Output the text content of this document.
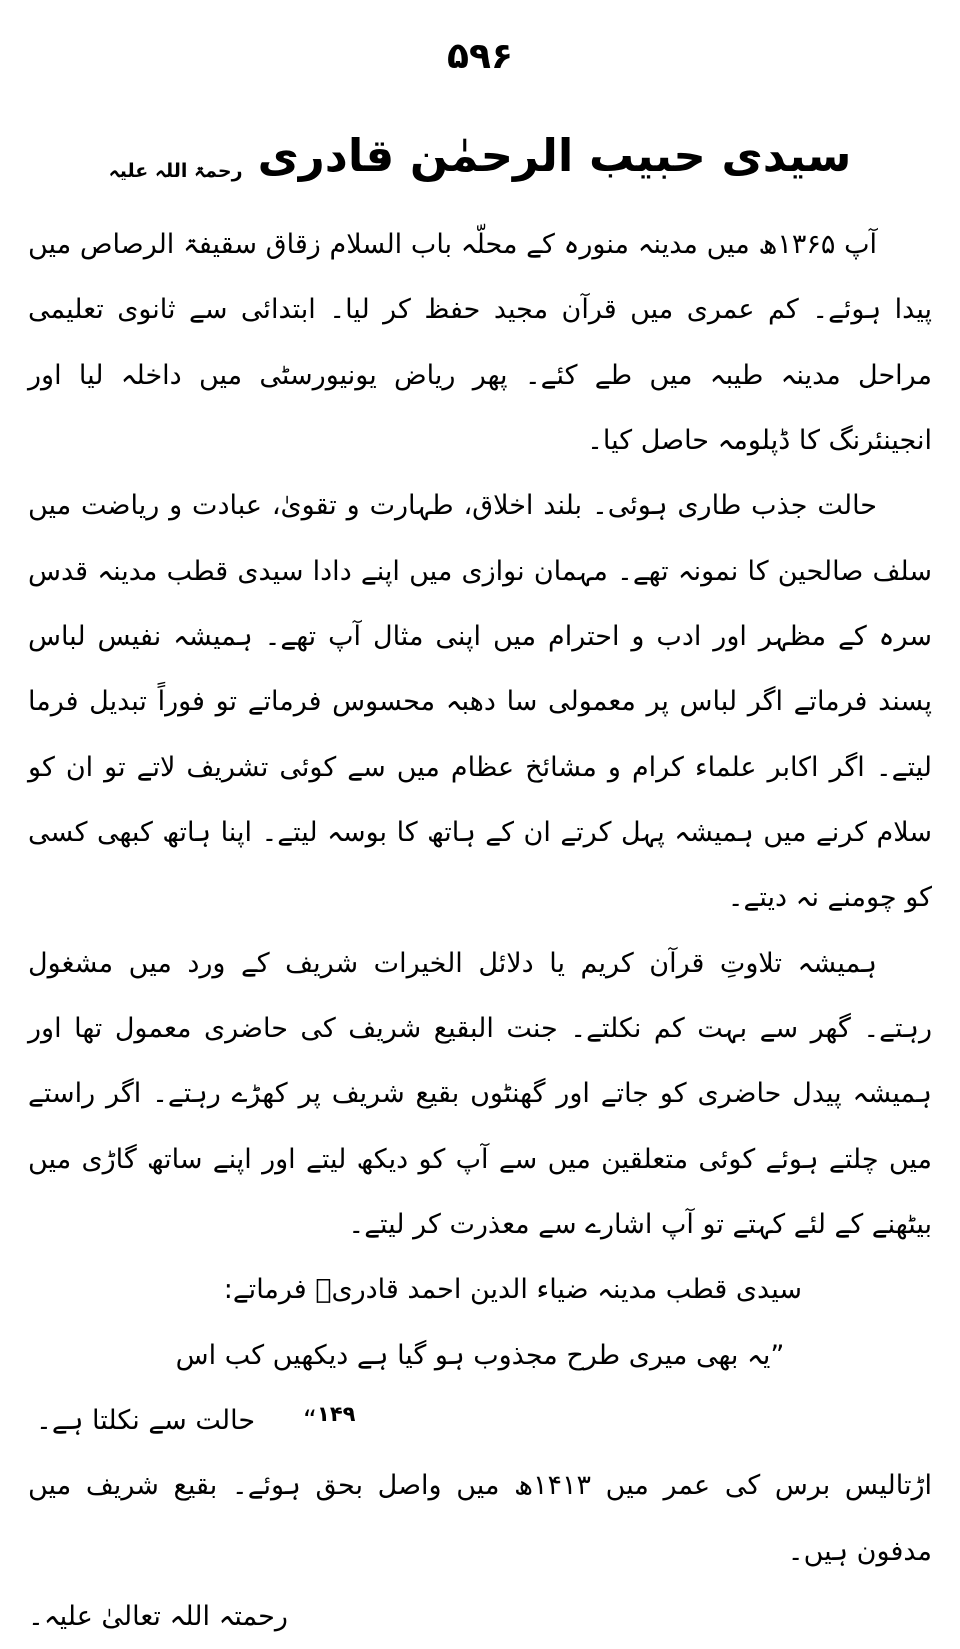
۵۹۶
سیدی حبیب الرحمٰن قادری رحمۃ اللہ علیہ

آپ ۱۳۶۵ھ میں مدینہ منورہ کے محلّہ باب السلام زقاق سقیفۃ الرصاص میں پیدا ہوئے۔ کم عمری میں قرآن مجید حفظ کر لیا۔ ابتدائی سے ثانوی تعلیمی مراحل مدینہ طیبہ میں طے کئے۔ پھر ریاض یونیورسٹی میں داخلہ لیا اور انجینئرنگ کا ڈپلومہ حاصل کیا۔

حالت جذب طاری ہوئی۔ بلند اخلاق، طہارت و تقویٰ، عبادت و ریاضت میں سلف صالحین کا نمونہ تھے۔ مہمان نوازی میں اپنے دادا سیدی قطب مدینہ قدس سرہ کے مظہر اور ادب و احترام میں اپنی مثال آپ تھے۔ ہمیشہ نفیس لباس پسند فرماتے اگر لباس پر معمولی سا دھبہ محسوس فرماتے تو فوراً تبدیل فرما لیتے۔ اگر اکابر علماء کرام و مشائخ عظام میں سے کوئی تشریف لاتے تو ان کو سلام کرنے میں ہمیشہ پہل کرتے ان کے ہاتھ کا بوسہ لیتے۔ اپنا ہاتھ کبھی کسی کو چومنے نہ دیتے۔

ہمیشہ تلاوتِ قرآن کریم یا دلائل الخیرات شریف کے ورد میں مشغول رہتے۔ گھر سے بہت کم نکلتے۔ جنت البقیع شریف کی حاضری معمول تھا اور ہمیشہ پیدل حاضری کو جاتے اور گھنٹوں بقیع شریف پر کھڑے رہتے۔ اگر راستے میں چلتے ہوئے کوئی متعلقین میں سے آپ کو دیکھ لیتے اور اپنے ساتھ گاڑی میں بیٹھنے کے لئے کہتے تو آپ اشارے سے معذرت کر لیتے۔

سیدی قطب مدینہ ضیاء الدین احمد قادریؒ فرماتے:

”یہ بھی میری طرح مجذوب ہو گیا ہے دیکھیں کب اس

$^{۱۴۹}$“حالت سے نکلتا ہے۔

اڑتالیس برس کی عمر میں ۱۴۱۳ھ میں واصل بحق ہوئے۔ بقیع شریف میں مدفون ہیں۔

رحمتہ اللہ تعالیٰ علیہ۔
